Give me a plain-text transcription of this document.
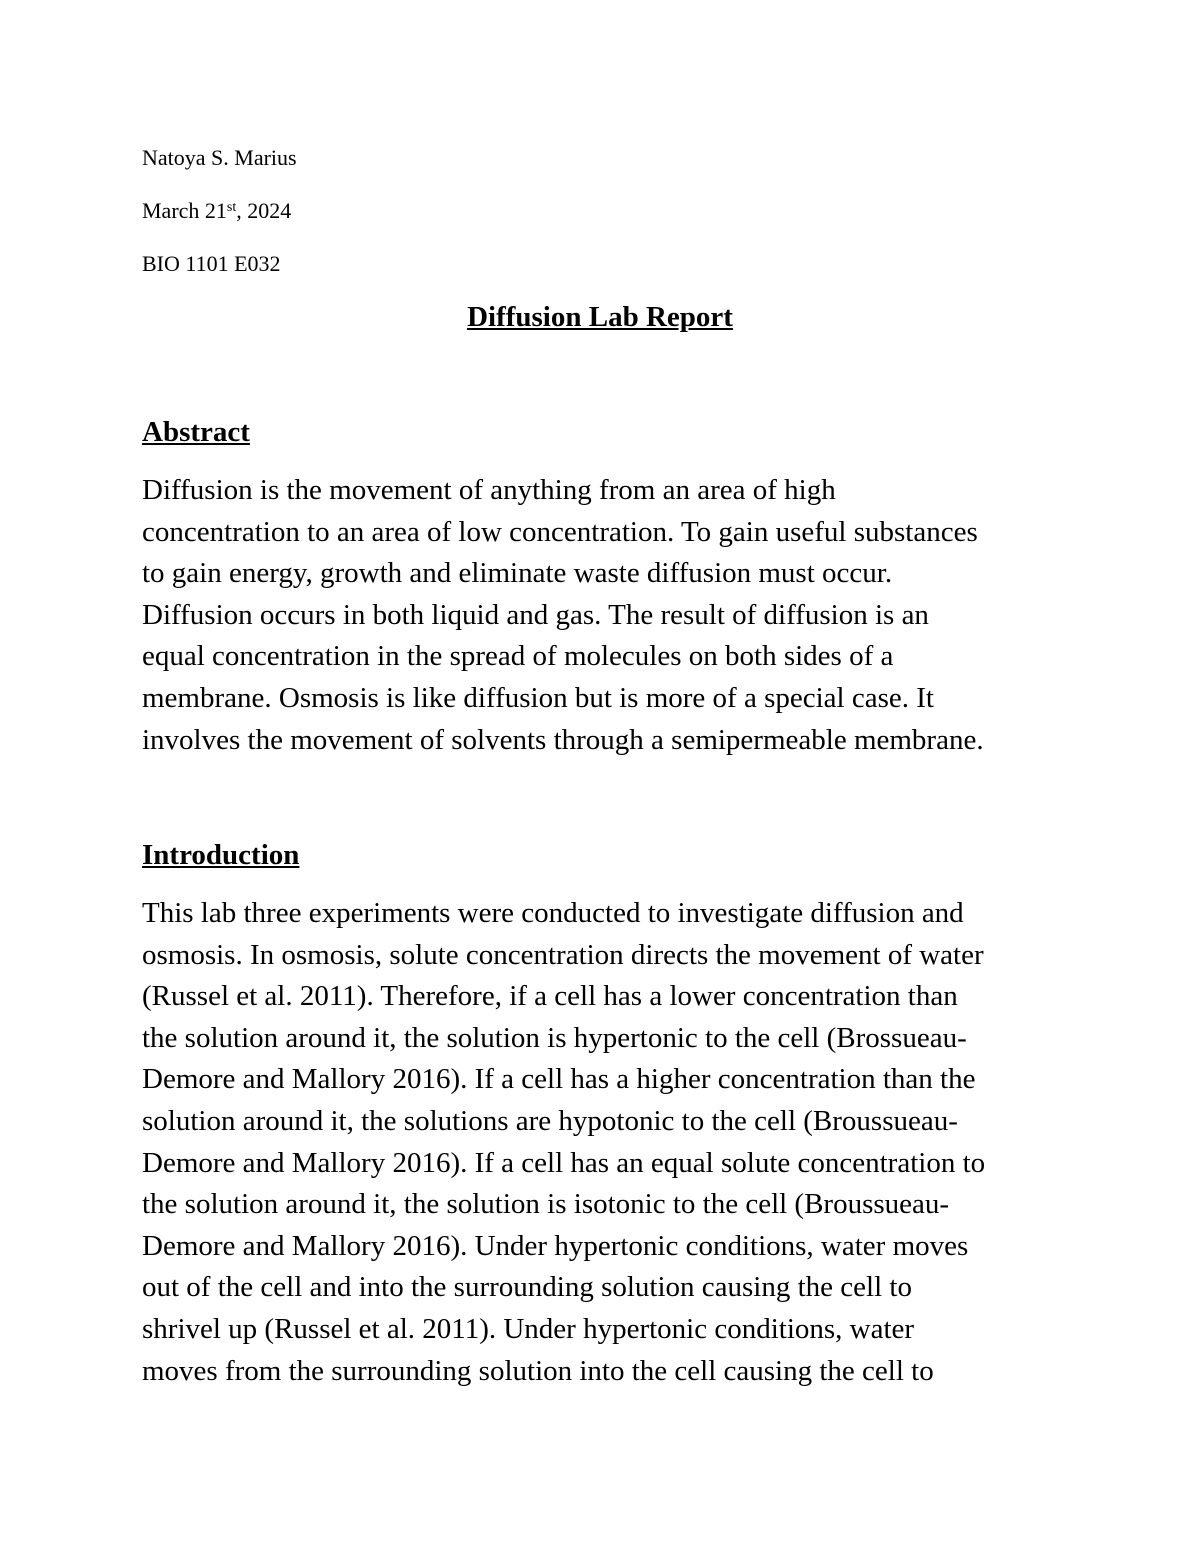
Natoya S. Marius
March 21st, 2024
BIO 1101 E032
Diffusion Lab Report
Abstract
Diffusion is the movement of anything from an area of high
concentration to an area of low concentration. To gain useful substances
to gain energy, growth and eliminate waste diffusion must occur.
Diffusion occurs in both liquid and gas. The result of diffusion is an
equal concentration in the spread of molecules on both sides of a
membrane. Osmosis is like diffusion but is more of a special case. It
involves the movement of solvents through a semipermeable membrane.
Introduction
This lab three experiments were conducted to investigate diffusion and
osmosis. In osmosis, solute concentration directs the movement of water
(Russel et al. 2011). Therefore, if a cell has a lower concentration than
the solution around it, the solution is hypertonic to the cell (Brossueau-
Demore and Mallory 2016). If a cell has a higher concentration than the
solution around it, the solutions are hypotonic to the cell (Broussueau-
Demore and Mallory 2016). If a cell has an equal solute concentration to
the solution around it, the solution is isotonic to the cell (Broussueau-
Demore and Mallory 2016). Under hypertonic conditions, water moves
out of the cell and into the surrounding solution causing the cell to
shrivel up (Russel et al. 2011). Under hypertonic conditions, water
moves from the surrounding solution into the cell causing the cell to
